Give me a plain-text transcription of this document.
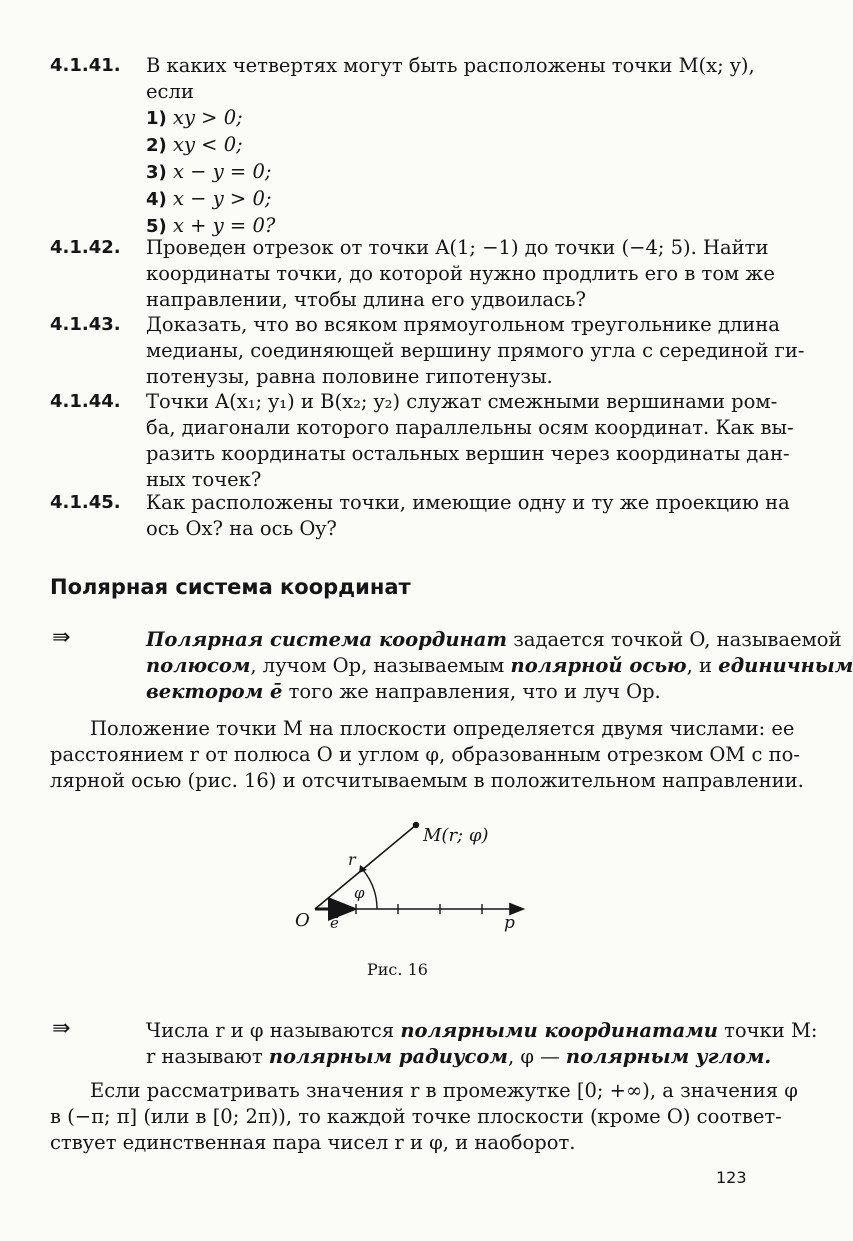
4.1.41. В каких четвертях могут быть расположены точки M(x; y),
если
1) xy > 0;
2) xy < 0;
3) x − y = 0;
4) x − y > 0;
5) x + y = 0?
4.1.42. Проведен отрезок от точки A(1; −1) до точки (−4; 5). Найти
координаты точки, до которой нужно продлить его в том же
направлении, чтобы длина его удвоилась?
4.1.43. Доказать, что во всяком прямоугольном треугольнике длина
медианы, соединяющей вершину прямого угла с серединой ги-
потенузы, равна половине гипотенузы.
4.1.44. Точки A(x₁; y₁) и B(x₂; y₂) служат смежными вершинами ром-
ба, диагонали которого параллельны осям координат. Как вы-
разить координаты остальных вершин через координаты дан-
ных точек?
4.1.45. Как расположены точки, имеющие одну и ту же проекцию на
ось Ox? на ось Oy?
Полярная система координат
⇛	Полярная система координат задается точкой O, называемой
полюсом, лучом Op, называемым полярной осью, и единичным
вектором ē того же направления, что и луч Op.
Положение точки M на плоскости определяется двумя числами: ее
расстоянием r от полюса O и углом φ, образованным отрезком OM с по-
лярной осью (рис. 16) и отсчитываемым в положительном направлении.
M(r; φ)
r
φ
O ē	p
Рис. 16
⇛	Числа r и φ называются полярными координатами точки M:
r называют полярным радиусом, φ — полярным углом.
Если рассматривать значения r в промежутке [0; +∞), а значения φ
в (−π; π] (или в [0; 2π)), то каждой точке плоскости (кроме O) соответ-
ствует единственная пара чисел r и φ, и наоборот.
123
